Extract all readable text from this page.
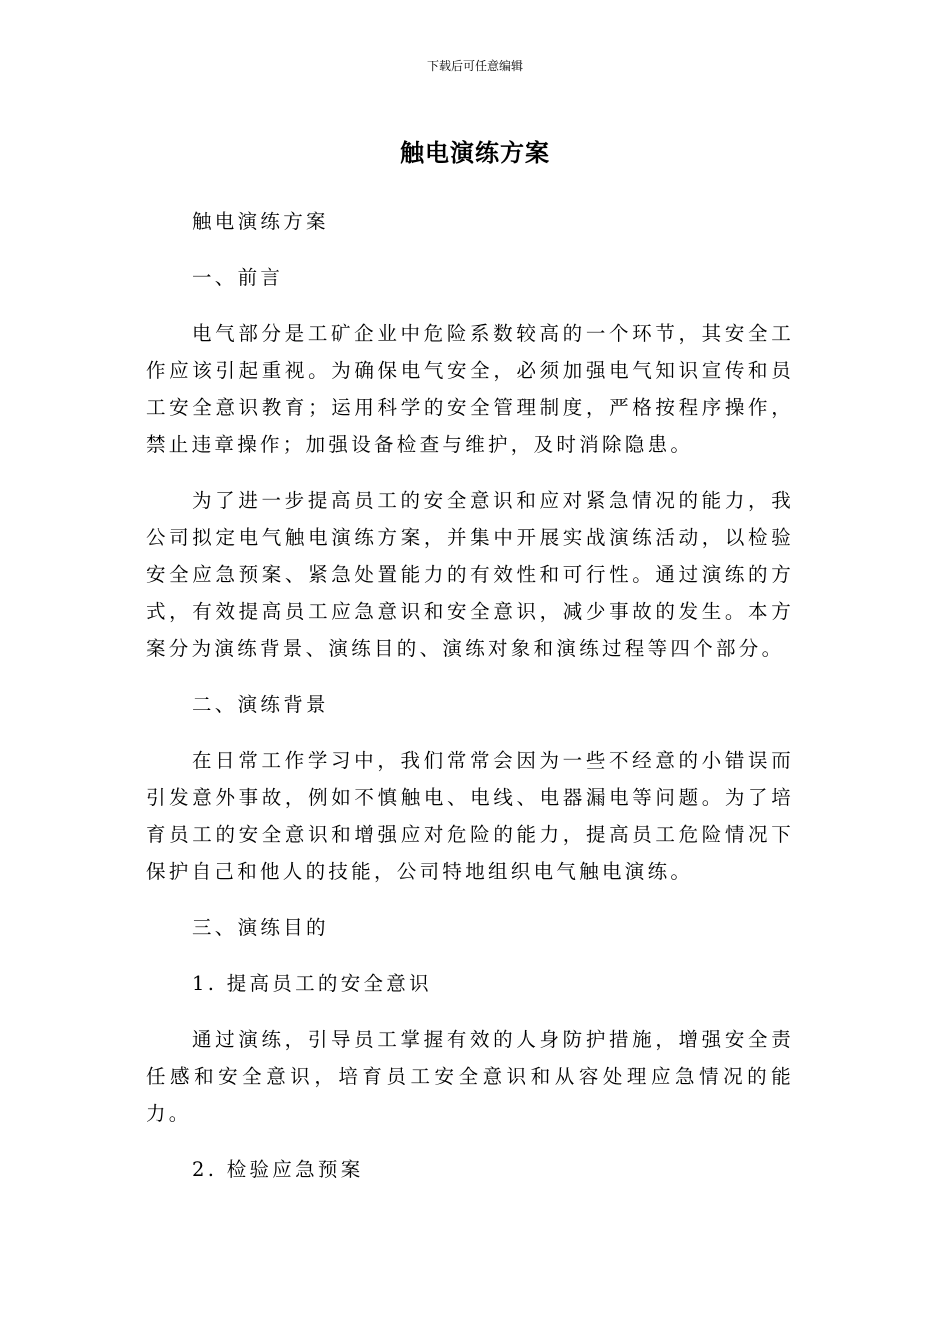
下载后可任意编辑
触电演练方案

触电演练方案

一、前言

电气部分是工矿企业中危险系数较高的一个环节，其安全工作应该引起重视。为确保电气安全，必须加强电气知识宣传和员工安全意识教育；运用科学的安全管理制度，严格按程序操作，禁止违章操作；加强设备检查与维护，及时消除隐患。

为了进一步提高员工的安全意识和应对紧急情况的能力，我公司拟定电气触电演练方案，并集中开展实战演练活动，以检验安全应急预案、紧急处置能力的有效性和可行性。通过演练的方式，有效提高员工应急意识和安全意识，减少事故的发生。本方案分为演练背景、演练目的、演练对象和演练过程等四个部分。

二、演练背景

在日常工作学习中，我们常常会因为一些不经意的小错误而引发意外事故，例如不慎触电、电线、电器漏电等问题。为了培育员工的安全意识和增强应对危险的能力，提高员工危险情况下保护自己和他人的技能，公司特地组织电气触电演练。

三、演练目的

1. 提高员工的安全意识

通过演练，引导员工掌握有效的人身防护措施，增强安全责任感和安全意识，培育员工安全意识和从容处理应急情况的能力。

2. 检验应急预案
